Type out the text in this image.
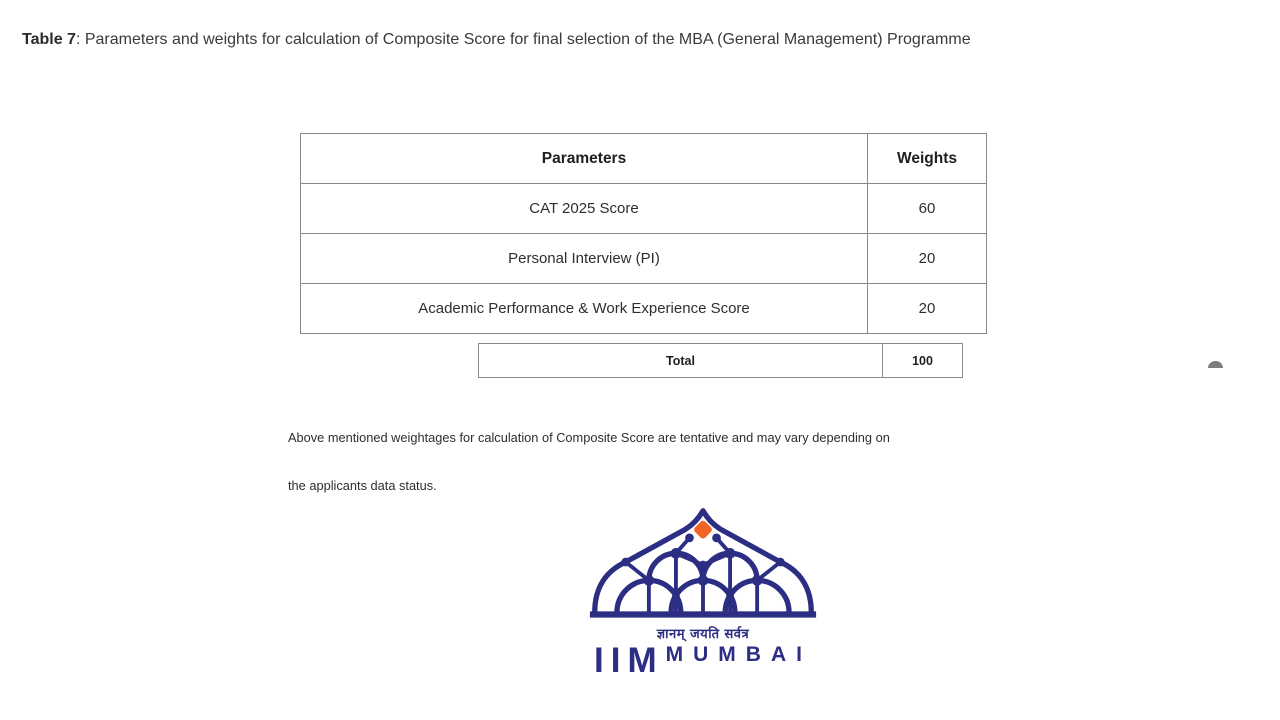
Table 7: Parameters and weights for calculation of Composite Score for final selection of the MBA (General Management) Programme

Parameters	Weights
CAT 2025 Score	60
Personal Interview (PI)	20
Academic Performance & Work Experience Score	20
Total	100
Above mentioned weightages for calculation of Composite Score are tentative and may vary depending on
the applicants data status.
ज्ञानम् जयति सर्वत्र
IIM MUMBAI
